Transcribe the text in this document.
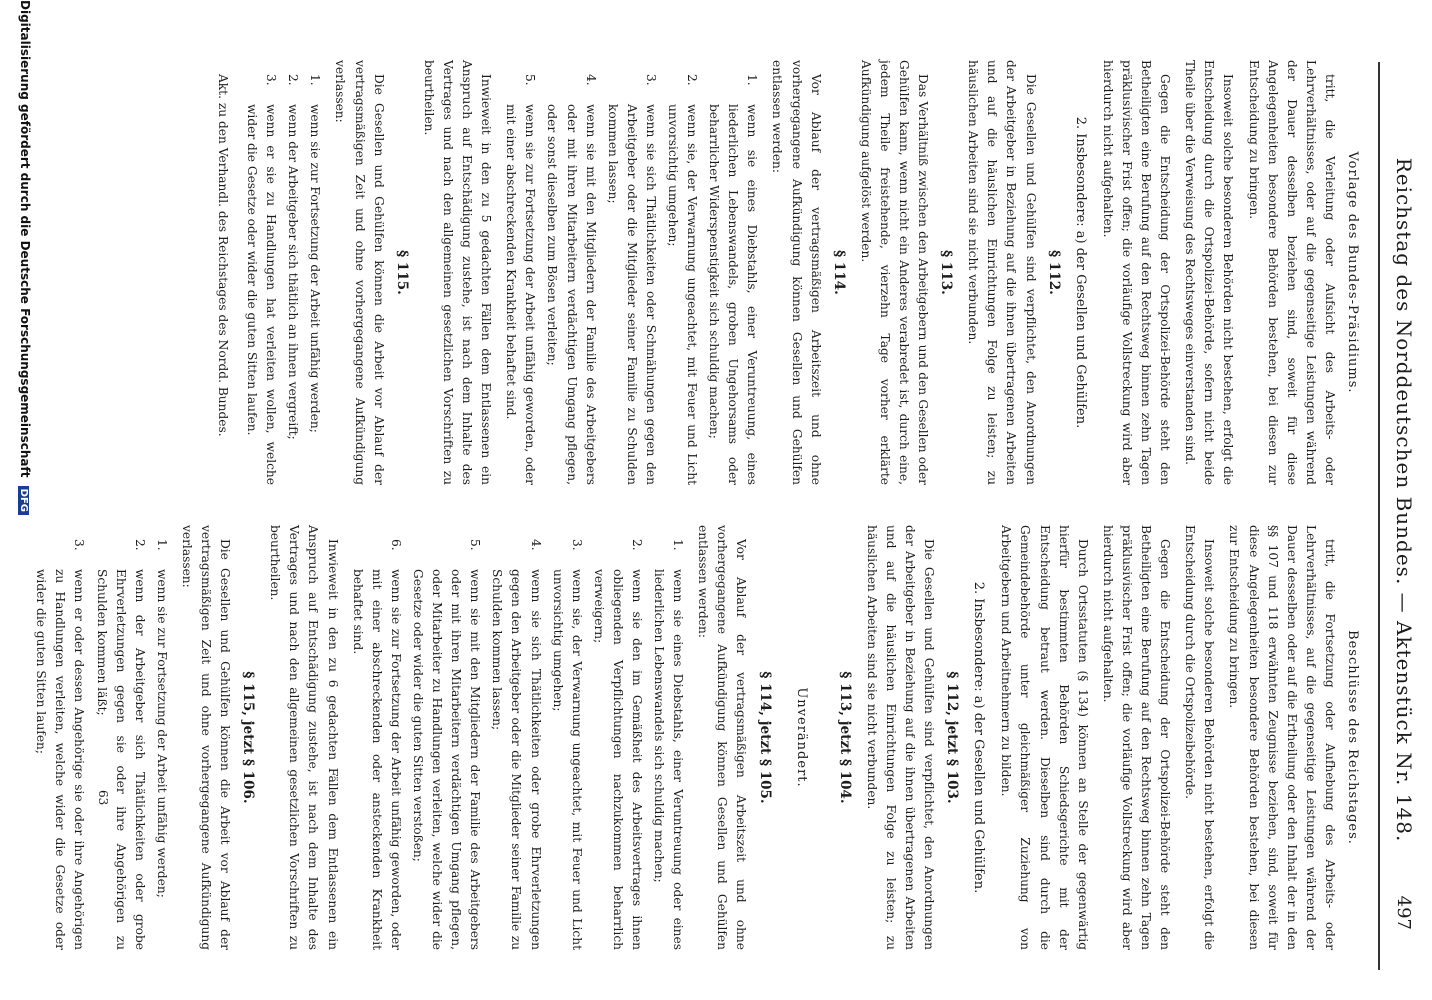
Reichstag des Norddeutschen Bundes. — Aktenstück Nr. 148.
497
Vorlage des Bundes-Präsidiums.

tritt, die Verleitung oder Aufsicht des Arbeits- oder Lehrverhältnisses, oder auf die gegenseitige Leistungen während der Dauer desselben beziehen sind, soweit für diese Angelegenheiten besondere Behörden bestehen, bei diesen zur Entscheidung zu bringen.

Insoweit solche besonderen Behörden nicht bestehen, erfolgt die Entscheidung durch die Ortspolizei-Behörde, sofern nicht beide Theile über die Verweisung des Rechtsweges einverstanden sind.

Gegen die Entscheidung der Ortspolizei-Behörde steht den Betheiligten eine Berufung auf den Rechtsweg binnen zehn Tagen präklusivischer Frist offen; die vorläufige Vollstreckung wird aber hierdurch nicht aufgehalten.

2. Insbesondere: a) der Gesellen und Gehülfen.
§ 112.

Die Gesellen und Gehülfen sind verpflichtet, den Anordnungen der Arbeitgeber in Beziehung auf die ihnen übertragenen Arbeiten und auf die häuslichen Einrichtungen Folge zu leisten; zu häuslichen Arbeiten sind sie nicht verbunden.

§ 113.

Das Verhältniß zwischen den Arbeitgebern und den Gesellen oder Gehülfen kann, wenn nicht ein Anderes verabredet ist, durch eine, jedem Theile freistehende, vierzehn Tage vorher erklärte Aufkündigung aufgelöst werden.

§ 114.

Vor Ablauf der vertragsmäßigen Arbeitszeit und ohne vorhergegangene Aufkündigung können Gesellen und Gehülfen entlassen werden:

1.
wenn sie eines Diebstahls, einer Veruntreuung, eines liederlichen Lebenswandels, groben Ungehorsams oder beharrlicher Widerspenstigkeit sich schuldig machen;
2.
wenn sie, der Verwarnung ungeachtet, mit Feuer und Licht unvorsichtig umgehen;
3.
wenn sie sich Thätlichkeiten oder Schmähungen gegen den Arbeitgeber oder die Mitglieder seiner Familie zu Schulden kommen lassen;
4.
wenn sie mit den Mitgliedern der Familie des Arbeitgebers oder mit ihren Mitarbeitern verdächtigen Umgang pflegen, oder sonst dieselben zum Bösen verleiten;
5.
wenn sie zur Fortsetzung der Arbeit unfähig geworden, oder mit einer abschreckenden Krankheit behaftet sind.

Inwieweit in den zu 5 gedachten Fällen dem Entlassenen ein Anspruch auf Entschädigung zustehe, ist nach dem Inhalte des Vertrages und nach den allgemeinen gesetzlichen Vorschriften zu beurtheilen.

§ 115.

Die Gesellen und Gehülfen können die Arbeit vor Ablauf der vertragsmäßigen Zeit und ohne vorhergegangene Aufkündigung verlassen:

1.
wenn sie zur Fortsetzung der Arbeit unfähig werden;
2.
wenn der Arbeitgeber sich thätlich an ihnen vergreift;
3.
wenn er sie zu Handlungen hat verleiten wollen, welche wider die Gesetze oder wider die guten Sitten laufen.
Akt. zu den Verhandl. des Reichstages des Nordd. Bundes.
Beschlüsse des Reichstages.

tritt, die Fortsetzung oder Aufhebung des Arbeits- oder Lehrverhältnisses, auf die gegenseitige Leistungen während der Dauer desselben oder auf die Ertheilung oder den Inhalt der in den §§ 107 und 118 erwähnten Zeugnisse beziehen, sind, soweit für diese Angelegenheiten besondere Behörden bestehen, bei diesen zur Entscheidung zu bringen.

Insoweit solche besonderen Behörden nicht bestehen, erfolgt die Entscheidung durch die Ortspolizeibehörde.

Gegen die Entscheidung der Ortspolizei-Behörde steht den Betheiligten eine Berufung auf den Rechtsweg binnen zehn Tagen präklusivischer Frist offen; die vorläufige Vollstreckung wird aber hierdurch nicht aufgehalten.

Durch Ortsstatuten (§ 134) können an Stelle der gegenwärtig hierfür bestimmten Behörden Schiedsgerichte mit der Entscheidung betraut werden. Dieselben sind durch die Gemeindebehörde unter gleichmäßiger Zuziehung von Arbeitgebern und Arbeitnehmern zu bilden.

2. Insbesondere: a) der Gesellen und Gehülfen.
§ 112, jetzt § 103.

Die Gesellen und Gehülfen sind verpflichtet, den Anordnungen der Arbeitgeber in Beziehung auf die ihnen übertragenen Arbeiten und auf die häuslichen Einrichtungen Folge zu leisten; zu häuslichen Arbeiten sind sie nicht verbunden.

§ 113, jetzt § 104.
Unverändert.
§ 114, jetzt § 105.

Vor Ablauf der vertragsmäßigen Arbeitszeit und ohne vorhergegangene Aufkündigung können Gesellen und Gehülfen entlassen werden:

1.
wenn sie eines Diebstahls, einer Veruntreuung oder eines liederlichen Lebenswandels sich schuldig machen;
2.
wenn sie den im Gemäßheit des Arbeitsvertrages ihnen obliegenden Verpflichtungen nachzukommen beharrlich verweigern;
3.
wenn sie, der Verwarnung ungeachtet, mit Feuer und Licht unvorsichtig umgehen;
4.
wenn sie sich Thätlichkeiten oder grobe Ehrverletzungen gegen den Arbeitgeber oder die Mitglieder seiner Familie zu Schulden kommen lassen;
5.
wenn sie mit den Mitgliedern der Familie des Arbeitgebers oder mit ihren Mitarbeitern verdächtigen Umgang pflegen, oder Mitarbeiter zu Handlungen verleiten, welche wider die Gesetze oder wider die guten Sitten verstoßen;
6.
wenn sie zur Fortsetzung der Arbeit unfähig geworden, oder mit einer abschreckenden oder ansteckenden Krankheit behaftet sind.

Inwieweit in den zu 6 gedachten Fällen dem Entlassenen ein Anspruch auf Entschädigung zustehe, ist nach dem Inhalte des Vertrages und nach den allgemeinen gesetzlichen Vorschriften zu beurtheilen.

§ 115, jetzt § 106.

Die Gesellen und Gehülfen können die Arbeit vor Ablauf der vertragsmäßigen Zeit und ohne vorhergegangene Aufkündigung verlassen:

1.
wenn sie zur Fortsetzung der Arbeit unfähig werden;
2.
wenn der Arbeitgeber sich Thätlichkeiten oder grobe Ehrverletzungen gegen sie oder ihre Angehörigen zu Schulden kommen läßt;
3.
wenn er oder dessen Angehörige sie oder ihre Angehörigen zu Handlungen verleiten, welche wider die Gesetze oder wider die guten Sitten laufen;
63
Digitalisierung gefördert durch die Deutsche Forschungsgemeinschaft DFG
